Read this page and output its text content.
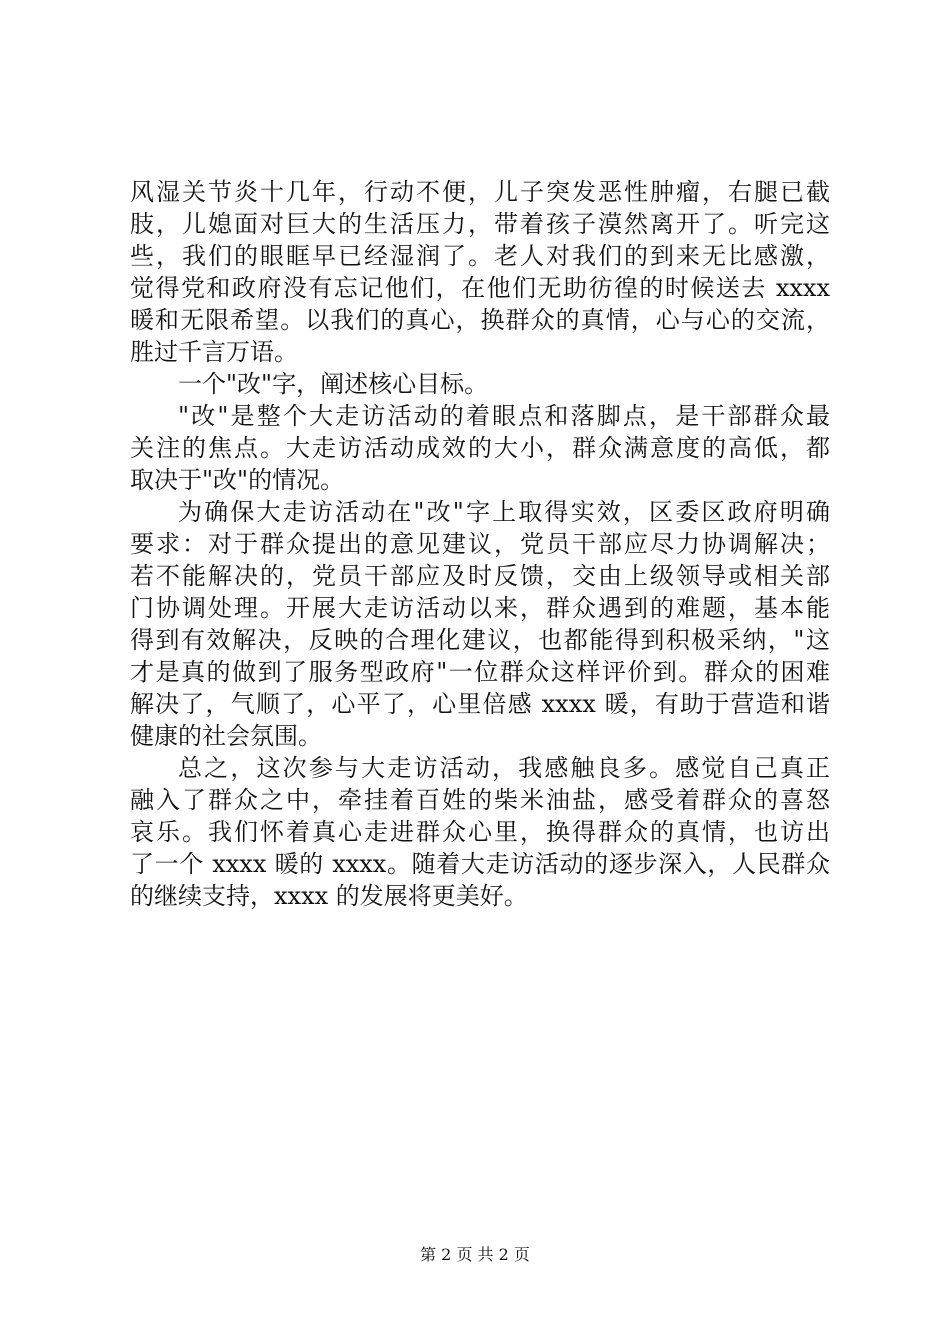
风湿关节炎十几年，行动不便，儿子突发恶性肿瘤，右腿已截
肢，儿媳面对巨大的生活压力，带着孩子漠然离开了。听完这
些，我们的眼眶早已经湿润了。老人对我们的到来无比感激，
觉得党和政府没有忘记他们，在他们无助彷徨的时候送去 xxxx
暖和无限希望。以我们的真心，换群众的真情，心与心的交流，
胜过千言万语。
一个"改"字，阐述核心目标。
"改"是整个大走访活动的着眼点和落脚点，是干部群众最
关注的焦点。大走访活动成效的大小，群众满意度的高低，都
取决于"改"的情况。
为确保大走访活动在"改"字上取得实效，区委区政府明确
要求：对于群众提出的意见建议，党员干部应尽力协调解决；
若不能解决的，党员干部应及时反馈，交由上级领导或相关部
门协调处理。开展大走访活动以来，群众遇到的难题，基本能
得到有效解决，反映的合理化建议，也都能得到积极采纳，"这
才是真的做到了服务型政府"一位群众这样评价到。群众的困难
解决了，气顺了，心平了，心里倍感 xxxx 暖，有助于营造和谐
健康的社会氛围。
总之，这次参与大走访活动，我感触良多。感觉自己真正
融入了群众之中，牵挂着百姓的柴米油盐，感受着群众的喜怒
哀乐。我们怀着真心走进群众心里，换得群众的真情，也访出
了一个 xxxx 暖的 xxxx。随着大走访活动的逐步深入，人民群众
的继续支持，xxxx 的发展将更美好。
第 2 页 共 2 页
